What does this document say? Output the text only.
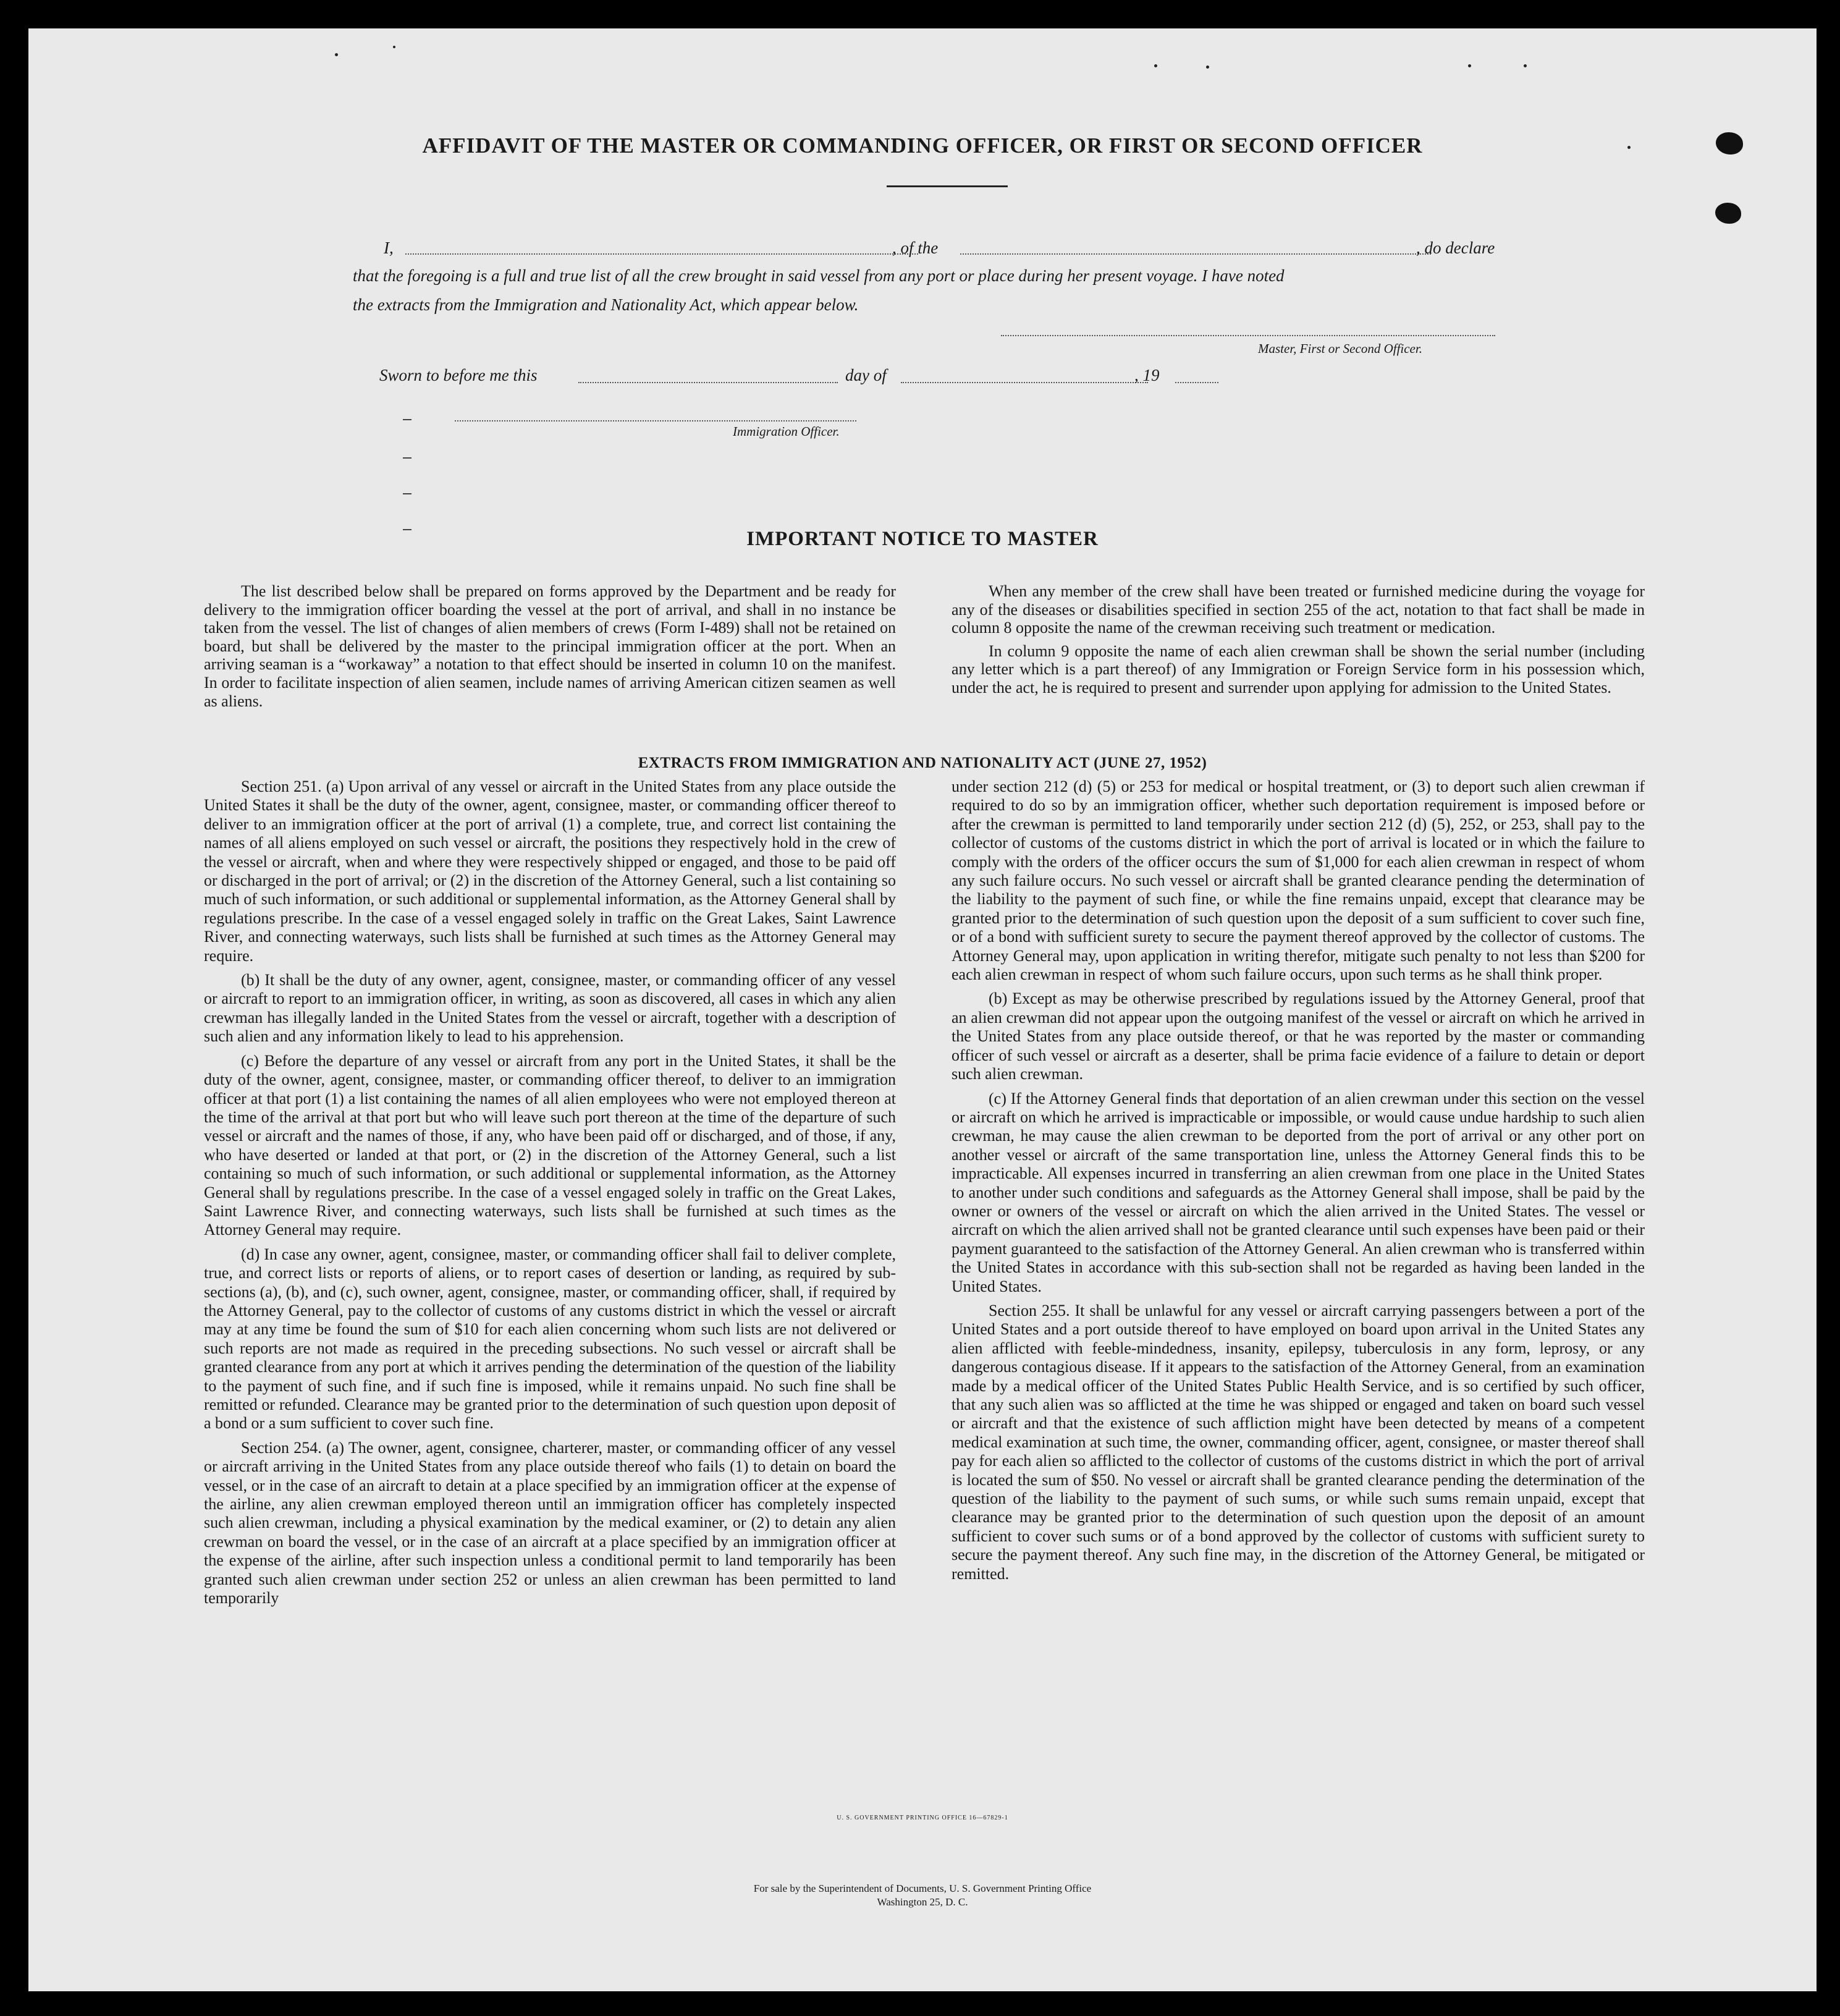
AFFIDAVIT OF THE MASTER OR COMMANDING OFFICER, OR FIRST OR SECOND OFFICER
I,	, of the	, do declare
that the foregoing is a full and true list of all the crew brought in said vessel from any port or place during her present voyage. I have noted
the extracts from the Immigration and Nationality Act, which appear below.
Master, First or Second Officer.
Sworn to before me this	day of	, 19
Immigration Officer.
IMPORTANT NOTICE TO MASTER

The list described below shall be prepared on forms approved by the Department and be ready for delivery to the immigration officer boarding the vessel at the port of arrival, and shall in no instance be taken from the vessel. The list of changes of alien members of crews (Form I-489) shall not be retained on board, but shall be delivered by the master to the principal immigration officer at the port. When an arriving seaman is a “workaway” a notation to that effect should be inserted in column 10 on the manifest. In order to facilitate inspection of alien seamen, include names of arriving American citizen seamen as well as aliens.

When any member of the crew shall have been treated or furnished medicine during the voyage for any of the diseases or disabilities specified in section 255 of the act, notation to that fact shall be made in column 8 opposite the name of the crewman receiving such treatment or medication.

In column 9 opposite the name of each alien crewman shall be shown the serial number (including any letter which is a part thereof) of any Immigration or Foreign Service form in his possession which, under the act, he is required to present and surrender upon applying for admission to the United States.

EXTRACTS FROM IMMIGRATION AND NATIONALITY ACT (JUNE 27, 1952)

Section 251. (a) Upon arrival of any vessel or aircraft in the United States from any place outside the United States it shall be the duty of the owner, agent, consignee, master, or commanding officer thereof to deliver to an immigration officer at the port of arrival (1) a complete, true, and correct list containing the names of all aliens employed on such vessel or aircraft, the positions they respectively hold in the crew of the vessel or aircraft, when and where they were respectively shipped or engaged, and those to be paid off or discharged in the port of arrival; or (2) in the discretion of the Attorney General, such a list containing so much of such information, or such additional or supplemental information, as the Attorney General shall by regulations prescribe. In the case of a vessel engaged solely in traffic on the Great Lakes, Saint Lawrence River, and connecting waterways, such lists shall be furnished at such times as the Attorney General may require.

(b) It shall be the duty of any owner, agent, consignee, master, or commanding officer of any vessel or aircraft to report to an immigration officer, in writing, as soon as discovered, all cases in which any alien crewman has illegally landed in the United States from the vessel or aircraft, together with a description of such alien and any information likely to lead to his apprehension.

(c) Before the departure of any vessel or aircraft from any port in the United States, it shall be the duty of the owner, agent, consignee, master, or commanding officer thereof, to deliver to an immigration officer at that port (1) a list containing the names of all alien employees who were not employed thereon at the time of the arrival at that port but who will leave such port thereon at the time of the departure of such vessel or aircraft and the names of those, if any, who have been paid off or discharged, and of those, if any, who have deserted or landed at that port, or (2) in the discretion of the Attorney General, such a list containing so much of such information, or such additional or supplemental information, as the Attorney General shall by regulations prescribe. In the case of a vessel engaged solely in traffic on the Great Lakes, Saint Lawrence River, and connecting waterways, such lists shall be furnished at such times as the Attorney General may require.

(d) In case any owner, agent, consignee, master, or commanding officer shall fail to deliver complete, true, and correct lists or reports of aliens, or to report cases of desertion or landing, as required by sub-sections (a), (b), and (c), such owner, agent, consignee, master, or commanding officer, shall, if required by the Attorney General, pay to the collector of customs of any customs district in which the vessel or aircraft may at any time be found the sum of $10 for each alien concerning whom such lists are not delivered or such reports are not made as required in the preceding subsections. No such vessel or aircraft shall be granted clearance from any port at which it arrives pending the determination of the question of the liability to the payment of such fine, and if such fine is imposed, while it remains unpaid. No such fine shall be remitted or refunded. Clearance may be granted prior to the determination of such question upon deposit of a bond or a sum sufficient to cover such fine.

Section 254. (a) The owner, agent, consignee, charterer, master, or commanding officer of any vessel or aircraft arriving in the United States from any place outside thereof who fails (1) to detain on board the vessel, or in the case of an aircraft to detain at a place specified by an immigration officer at the expense of the airline, any alien crewman employed thereon until an immigration officer has completely inspected such alien crewman, including a physical examination by the medical examiner, or (2) to detain any alien crewman on board the vessel, or in the case of an aircraft at a place specified by an immigration officer at the expense of the airline, after such inspection unless a conditional permit to land temporarily has been granted such alien crewman under section 252 or unless an alien crewman has been permitted to land temporarily

under section 212 (d) (5) or 253 for medical or hospital treatment, or (3) to deport such alien crewman if required to do so by an immigration officer, whether such deportation requirement is imposed before or after the crewman is permitted to land temporarily under section 212 (d) (5), 252, or 253, shall pay to the collector of customs of the customs district in which the port of arrival is located or in which the failure to comply with the orders of the officer occurs the sum of $1,000 for each alien crewman in respect of whom any such failure occurs. No such vessel or aircraft shall be granted clearance pending the determination of the liability to the payment of such fine, or while the fine remains unpaid, except that clearance may be granted prior to the determination of such question upon the deposit of a sum sufficient to cover such fine, or of a bond with sufficient surety to secure the payment thereof approved by the collector of customs. The Attorney General may, upon application in writing therefor, mitigate such penalty to not less than $200 for each alien crewman in respect of whom such failure occurs, upon such terms as he shall think proper.

(b) Except as may be otherwise prescribed by regulations issued by the Attorney General, proof that an alien crewman did not appear upon the outgoing manifest of the vessel or aircraft on which he arrived in the United States from any place outside thereof, or that he was reported by the master or commanding officer of such vessel or aircraft as a deserter, shall be prima facie evidence of a failure to detain or deport such alien crewman.

(c) If the Attorney General finds that deportation of an alien crewman under this section on the vessel or aircraft on which he arrived is impracticable or impossible, or would cause undue hardship to such alien crewman, he may cause the alien crewman to be deported from the port of arrival or any other port on another vessel or aircraft of the same transportation line, unless the Attorney General finds this to be impracticable. All expenses incurred in transferring an alien crewman from one place in the United States to another under such conditions and safeguards as the Attorney General shall impose, shall be paid by the owner or owners of the vessel or aircraft on which the alien arrived in the United States. The vessel or aircraft on which the alien arrived shall not be granted clearance until such expenses have been paid or their payment guaranteed to the satisfaction of the Attorney General. An alien crewman who is transferred within the United States in accordance with this sub-section shall not be regarded as having been landed in the United States.

Section 255. It shall be unlawful for any vessel or aircraft carrying passengers between a port of the United States and a port outside thereof to have employed on board upon arrival in the United States any alien afflicted with feeble-mindedness, insanity, epilepsy, tuberculosis in any form, leprosy, or any dangerous contagious disease. If it appears to the satisfaction of the Attorney General, from an examination made by a medical officer of the United States Public Health Service, and is so certified by such officer, that any such alien was so afflicted at the time he was shipped or engaged and taken on board such vessel or aircraft and that the existence of such affliction might have been detected by means of a competent medical examination at such time, the owner, commanding officer, agent, consignee, or master thereof shall pay for each alien so afflicted to the collector of customs of the customs district in which the port of arrival is located the sum of $50. No vessel or aircraft shall be granted clearance pending the determination of the question of the liability to the payment of such sums, or while such sums remain unpaid, except that clearance may be granted prior to the determination of such question upon the deposit of an amount sufficient to cover such sums or of a bond approved by the collector of customs with sufficient surety to secure the payment thereof. Any such fine may, in the discretion of the Attorney General, be mitigated or remitted.

U. S. GOVERNMENT PRINTING OFFICE 16—67829-1
For sale by the Superintendent of Documents, U. S. Government Printing Office
Washington 25, D. C.
